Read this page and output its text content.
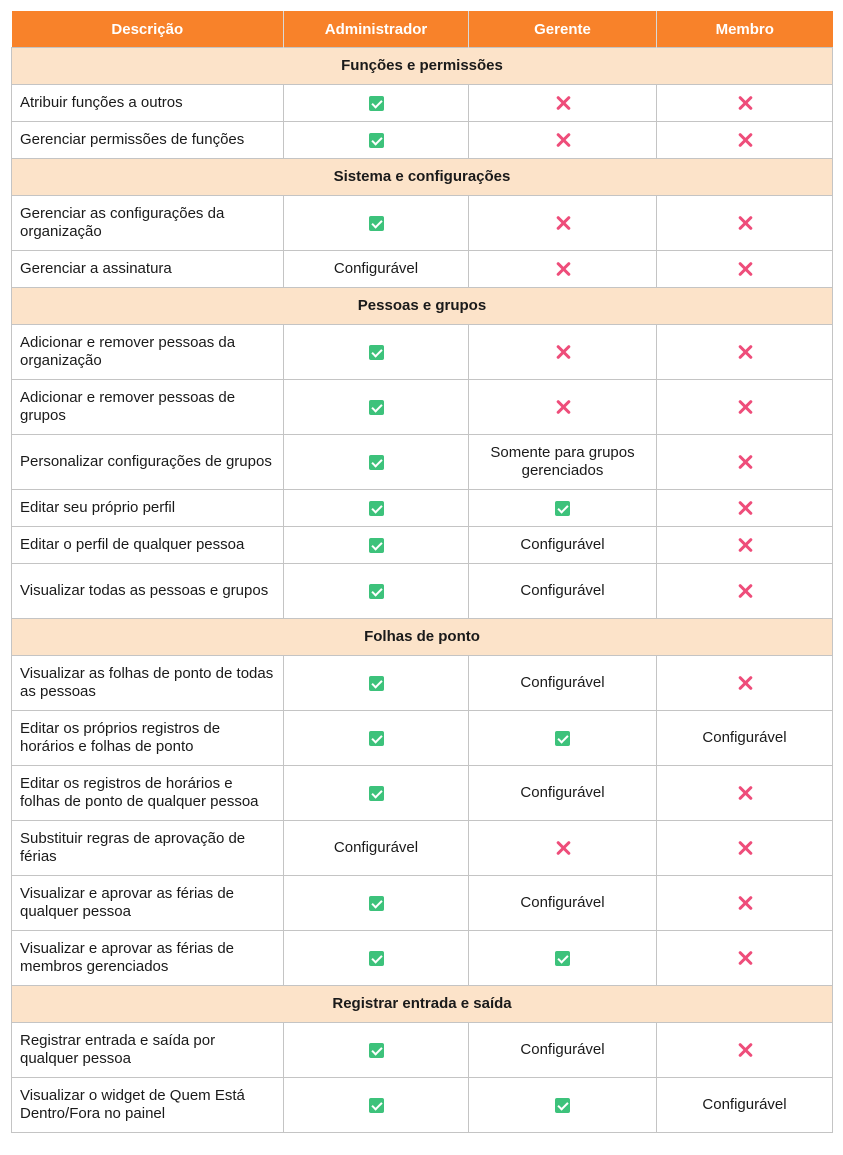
Descrição	Administrador	Gerente	Membro
Funções e permissões			
Atribuir funções a outros			
Gerenciar permissões de funções			
Sistema e configurações			
Gerenciar as configurações da organização			
Gerenciar a assinatura	Configurável		
Pessoas e grupos			
Adicionar e remover pessoas da organização			
Adicionar e remover pessoas de grupos			
Personalizar configurações de grupos		Somente para grupos gerenciados	
Editar seu próprio perfil			
Editar o perfil de qualquer pessoa		Configurável	
Visualizar todas as pessoas e grupos		Configurável	
Folhas de ponto			
Visualizar as folhas de ponto de todas as pessoas		Configurável	
Editar os próprios registros de horários e folhas de ponto			Configurável
Editar os registros de horários e folhas de ponto de qualquer pessoa		Configurável	
Substituir regras de aprovação de férias	Configurável		
Visualizar e aprovar as férias de qualquer pessoa		Configurável	
Visualizar e aprovar as férias de membros gerenciados			
Registrar entrada e saída			
Registrar entrada e saída por qualquer pessoa		Configurável	
Visualizar o widget de Quem Está Dentro/Fora no painel			Configurável
